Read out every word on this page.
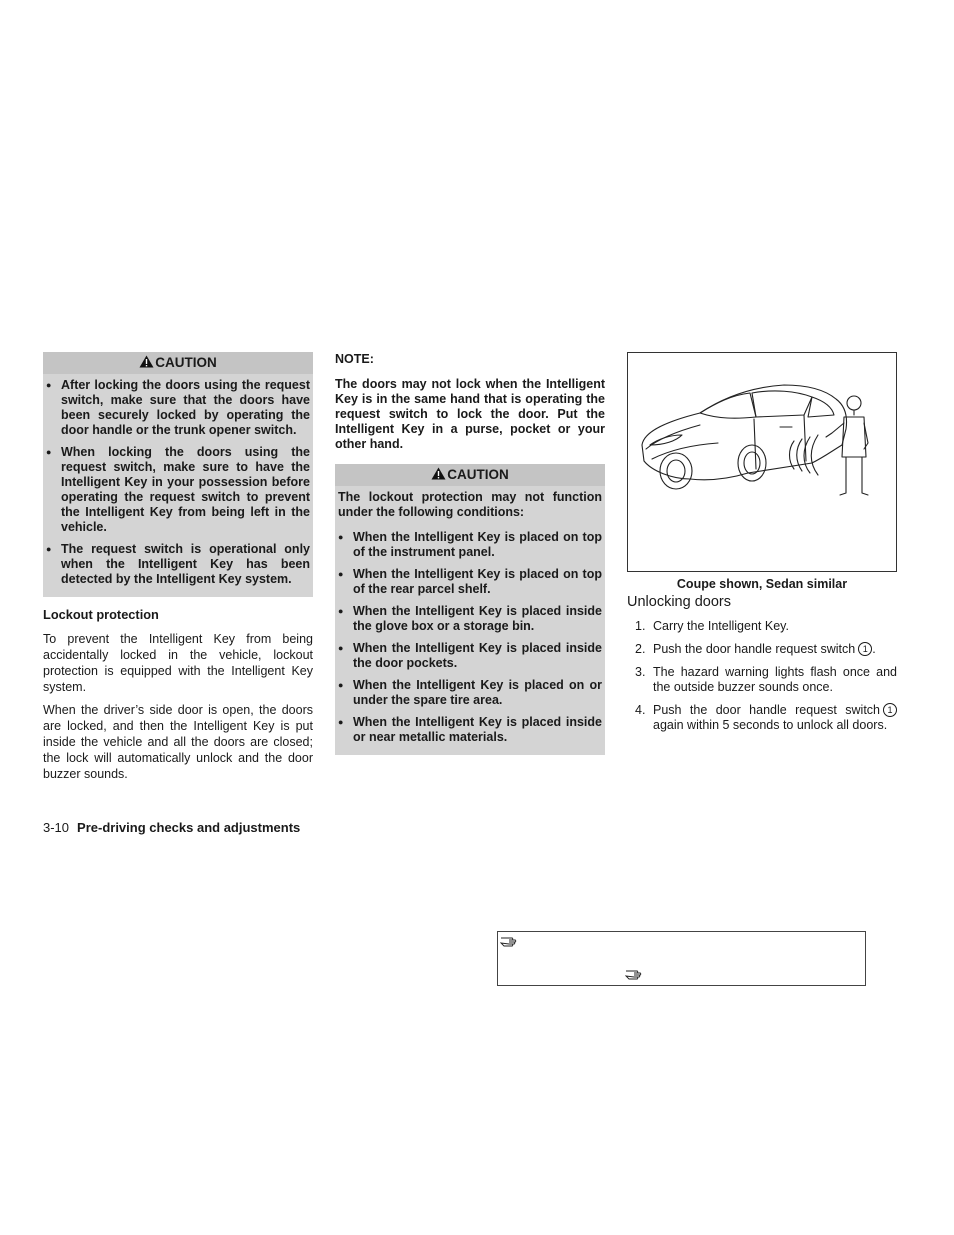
CAUTION
● After locking the doors using the request switch, make sure that the doors have been securely locked by operating the door handle or the trunk opener switch.
● When locking the doors using the request switch, make sure to have the Intelligent Key in your possession before operating the request switch to prevent the Intelligent Key from being left in the vehicle.
● The request switch is operational only when the Intelligent Key has been detected by the Intelligent Key system.
Lockout protection

To prevent the Intelligent Key from being accidentally locked in the vehicle, lockout protection is equipped with the Intelligent Key system.

When the driver’s side door is open, the doors are locked, and then the Intelligent Key is put inside the vehicle and all the doors are closed; the lock will automatically unlock and the door buzzer sounds.

NOTE:

The doors may not lock when the Intelligent Key is in the same hand that is operating the request switch to lock the door. Put the Intelligent Key in a purse, pocket or your other hand.

CAUTION
The lockout protection may not function under the following conditions:
● When the Intelligent Key is placed on top of the instrument panel.
● When the Intelligent Key is placed on top of the rear parcel shelf.
● When the Intelligent Key is placed inside the glove box or a storage bin.
● When the Intelligent Key is placed inside the door pockets.
● When the Intelligent Key is placed on or under the spare tire area.
● When the Intelligent Key is placed inside or near metallic materials.
Coupe shown, Sedan similar
Unlocking doors
1. Carry the Intelligent Key.
2. Push the door handle request switch 1 .
3. The hazard warning lights flash once and the outside buzzer sounds once.
4. Push the door handle request switch 1 again within 5 seconds to unlock all doors.
3-10 Pre-driving checks and adjustments
